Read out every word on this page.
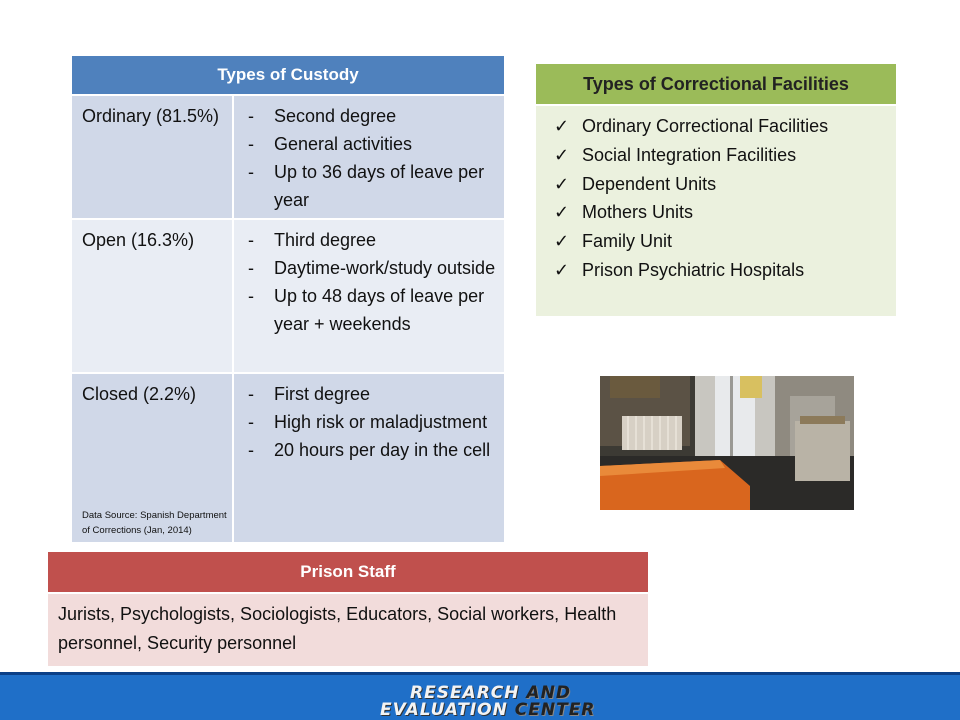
Types of Custody
Ordinary (81.5%)	- Second degree
- General activities
- Up to 36 days of leave per year
Open (16.3%)	- Third degree
- Daytime-work/study outside
- Up to 48 days of leave per year + weekends
Closed (2.2%)
Data Source: Spanish Department of Corrections (Jan, 2014)
- First degree
- High risk or maladjustment
- 20 hours per day in the cell
Types of Correctional Facilities
✓ Ordinary Correctional Facilities
✓ Social Integration Facilities
✓ Dependent Units
✓ Mothers Units
✓ Family Unit
✓ Prison Psychiatric Hospitals
Prison Staff
Jurists, Psychologists, Sociologists, Educators, Social workers, Health personnel, Security personnel
RESEARCH AND
EVALUATION CENTER
